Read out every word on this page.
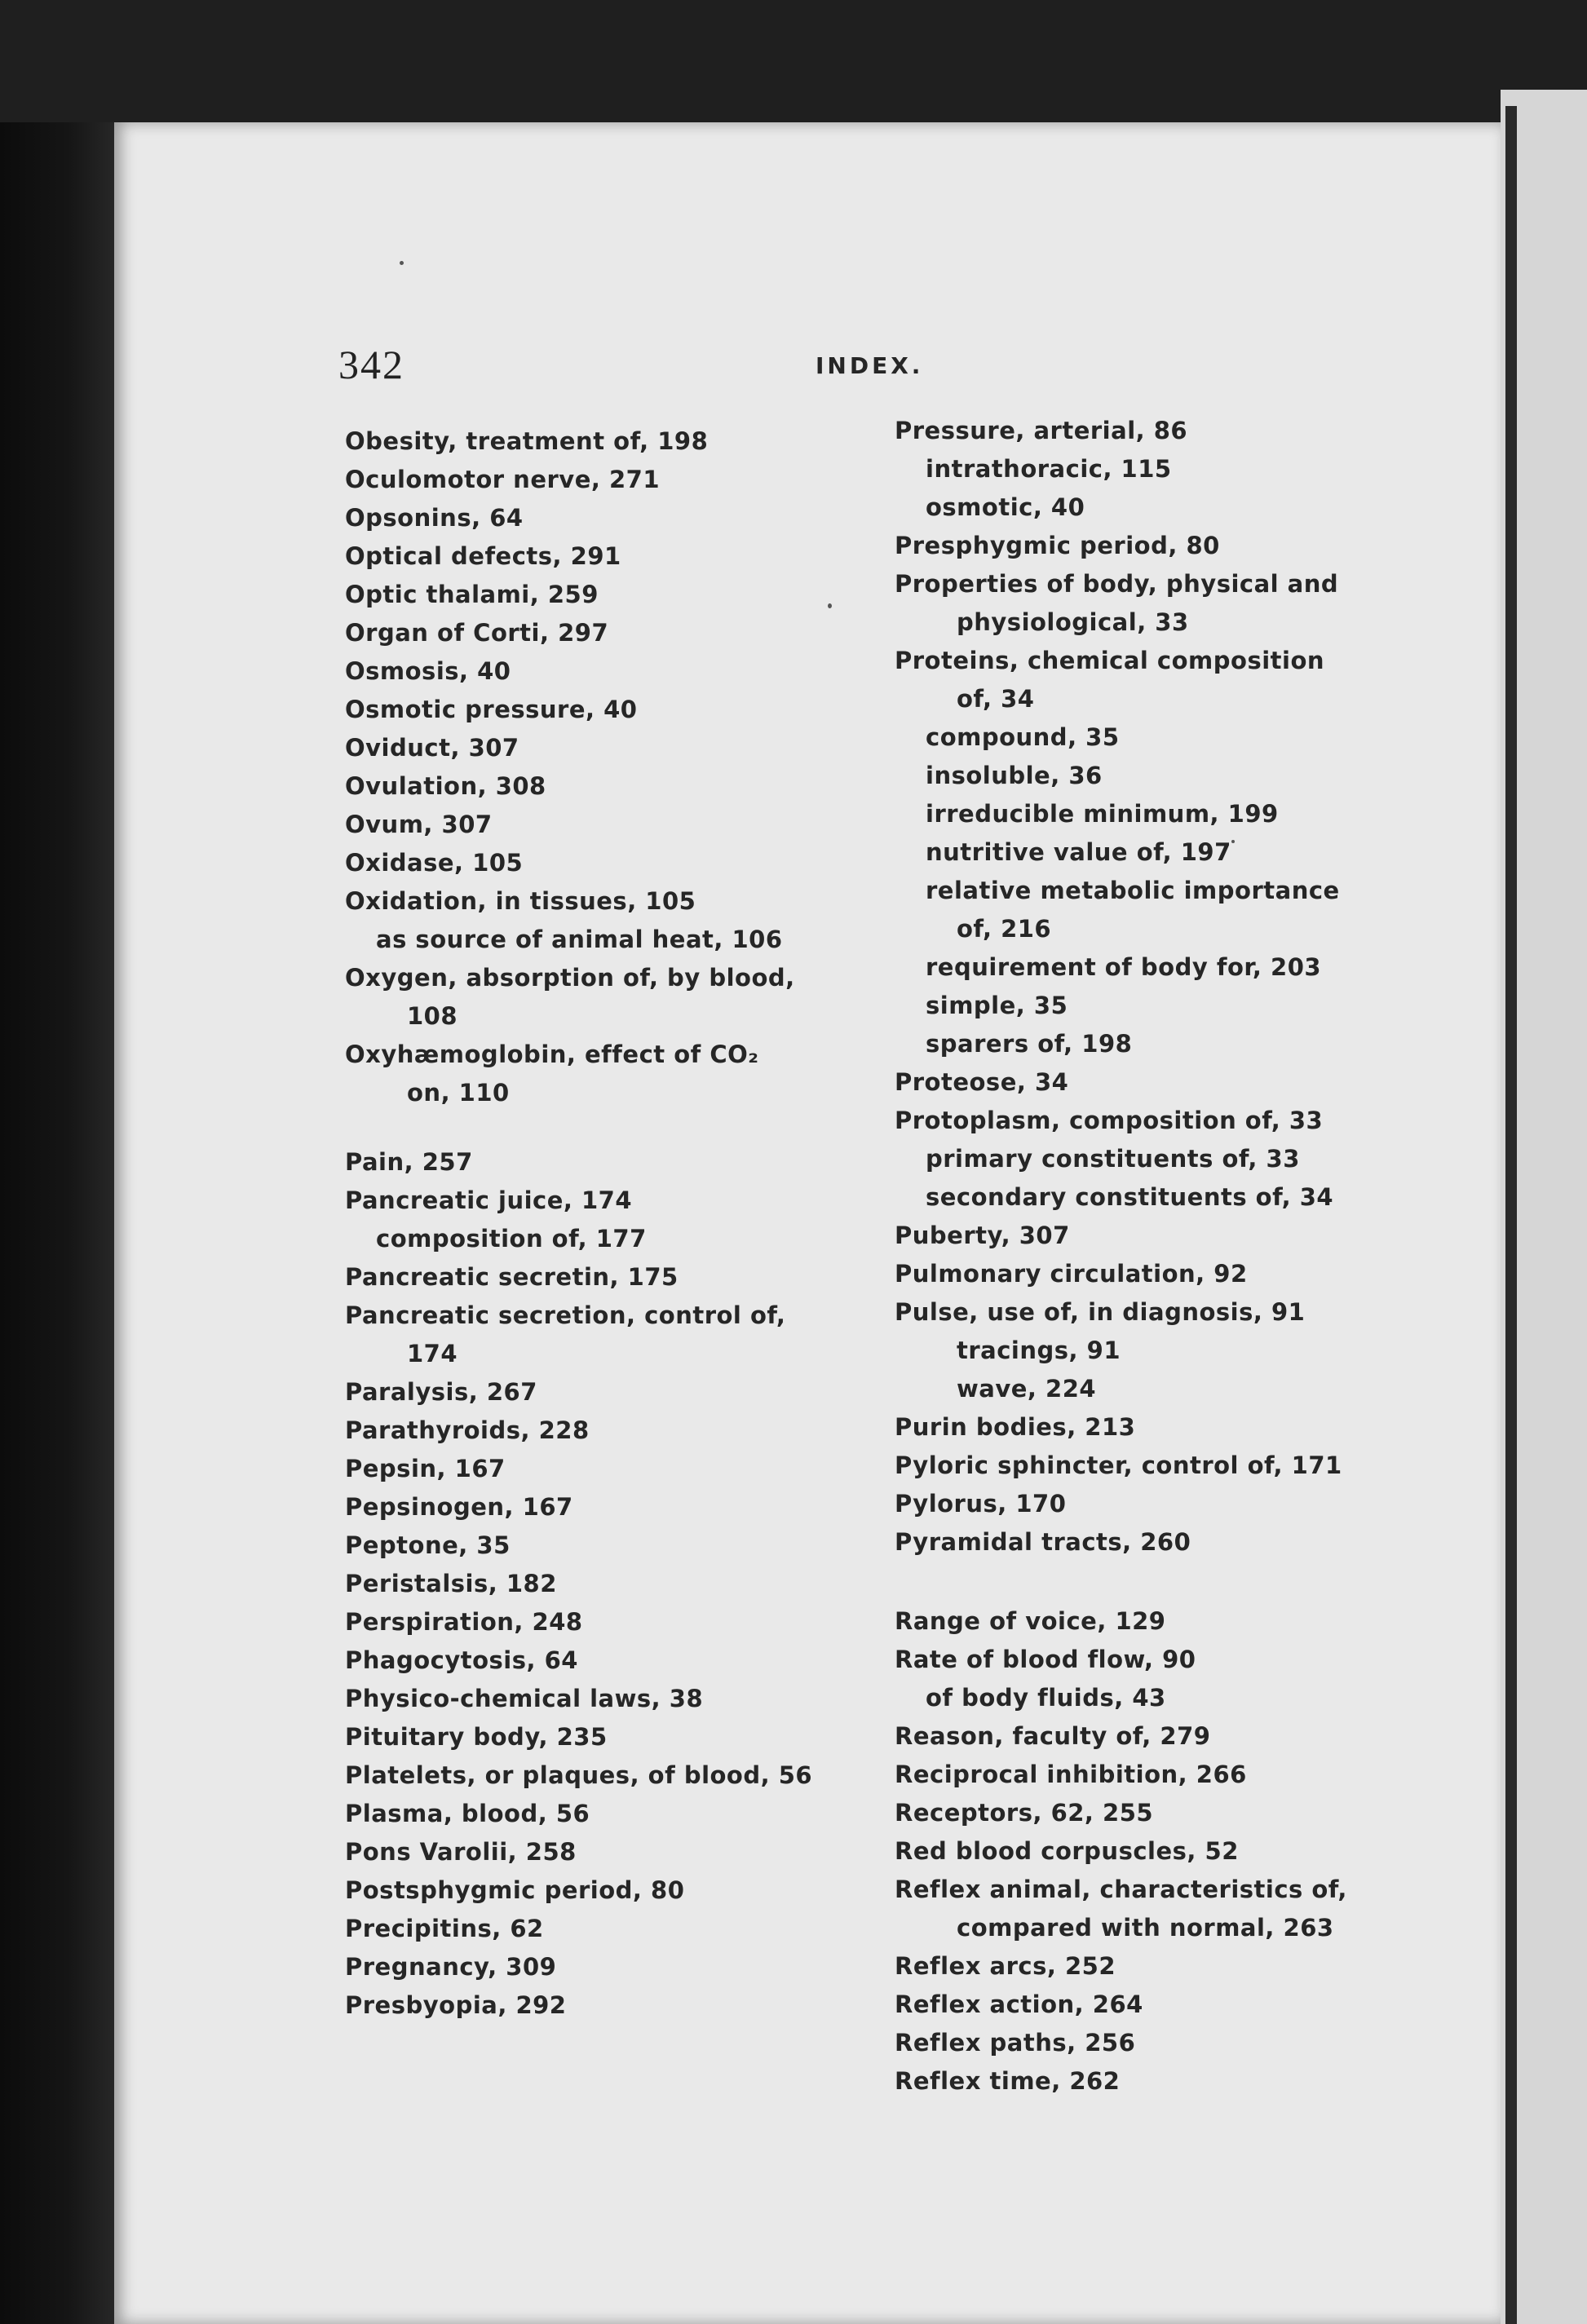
342	INDEX.
Obesity, treatment of, 198
Oculomotor nerve, 271
Opsonins, 64
Optical defects, 291
Optic thalami, 259
Organ of Corti, 297
Osmosis, 40
Osmotic pressure, 40
Oviduct, 307
Ovulation, 308
Ovum, 307
Oxidase, 105
Oxidation, in tissues, 105
as source of animal heat, 106
Oxygen, absorption of, by blood,
108
Oxyhæmoglobin, effect of CO₂
on, 110
Pain, 257
Pancreatic juice, 174
composition of, 177
Pancreatic secretin, 175
Pancreatic secretion, control of,
174
Paralysis, 267
Parathyroids, 228
Pepsin, 167
Pepsinogen, 167
Peptone, 35
Peristalsis, 182
Perspiration, 248
Phagocytosis, 64
Physico-chemical laws, 38
Pituitary body, 235
Platelets, or plaques, of blood, 56
Plasma, blood, 56
Pons Varolii, 258
Postsphygmic period, 80
Precipitins, 62
Pregnancy, 309
Presbyopia, 292
Pressure, arterial, 86
intrathoracic, 115
osmotic, 40
Presphygmic period, 80
Properties of body, physical and
physiological, 33
Proteins, chemical composition
of, 34
compound, 35
insoluble, 36
irreducible minimum, 199
nutritive value of, 197
relative metabolic importance
of, 216
requirement of body for, 203
simple, 35
sparers of, 198
Proteose, 34
Protoplasm, composition of, 33
primary constituents of, 33
secondary constituents of, 34
Puberty, 307
Pulmonary circulation, 92
Pulse, use of, in diagnosis, 91
tracings, 91
wave, 224
Purin bodies, 213
Pyloric sphincter, control of, 171
Pylorus, 170
Pyramidal tracts, 260
Range of voice, 129
Rate of blood flow, 90
of body fluids, 43
Reason, faculty of, 279
Reciprocal inhibition, 266
Receptors, 62, 255
Red blood corpuscles, 52
Reflex animal, characteristics of,
compared with normal, 263
Reflex arcs, 252
Reflex action, 264
Reflex paths, 256
Reflex time, 262
